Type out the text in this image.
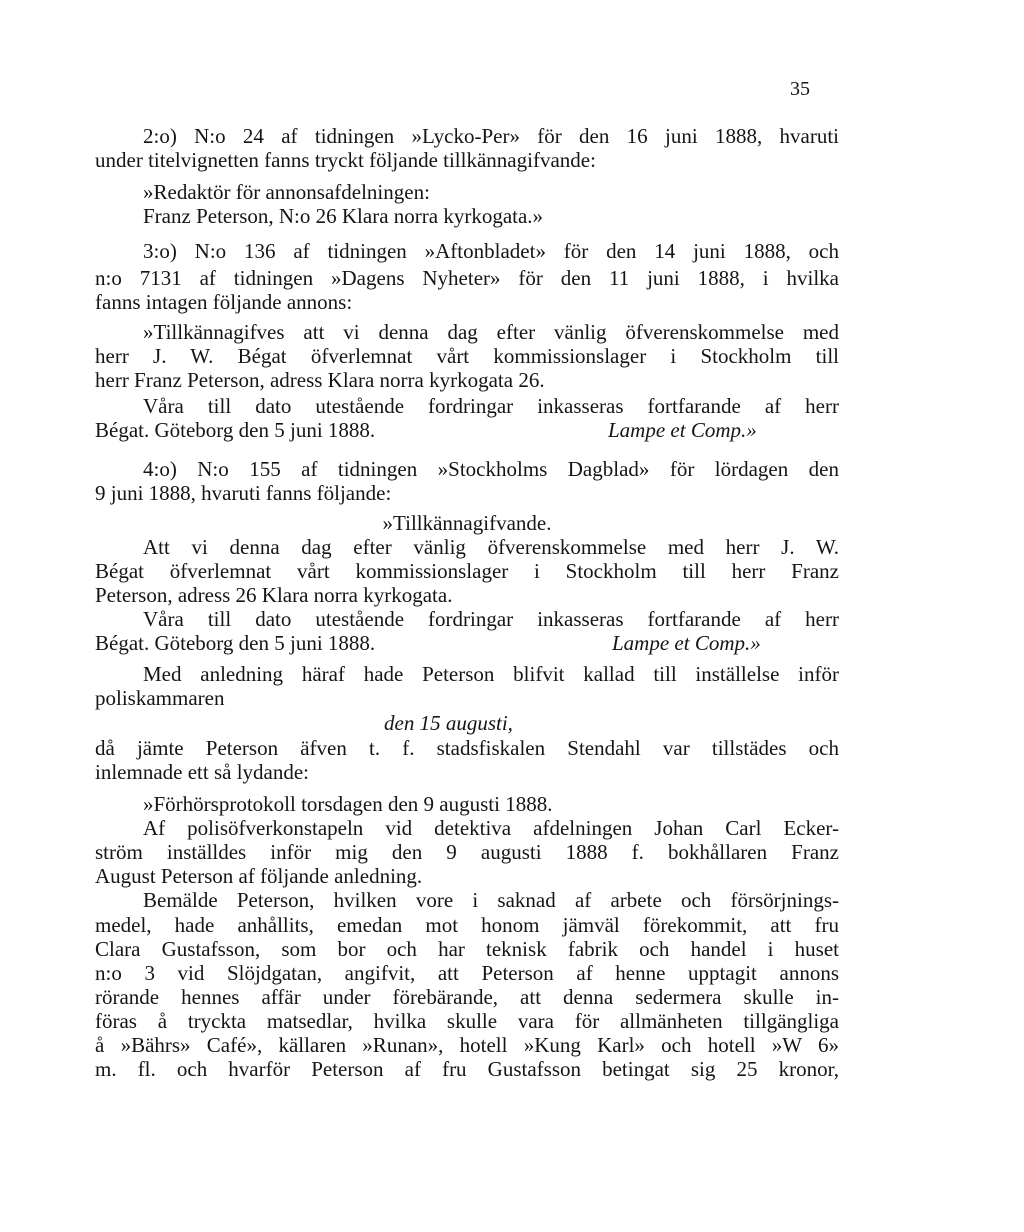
35
2:o) N:o 24 af tidningen »Lycko-Per» för den 16 juni 1888, hvaruti
under titelvignetten fanns tryckt följande tillkännagifvande:
»Redaktör för annonsafdelningen:
Franz Peterson, N:o 26 Klara norra kyrkogata.»
3:o) N:o 136 af tidningen »Aftonbladet» för den 14 juni 1888, och
n:o 7131 af tidningen »Dagens Nyheter» för den 11 juni 1888, i hvilka
fanns intagen följande annons:
»Tillkännagifves att vi denna dag efter vänlig öfverenskommelse med
herr J. W. Bégat öfverlemnat vårt kommissionslager i Stockholm till
herr Franz Peterson, adress Klara norra kyrkogata 26.
Våra till dato utestående fordringar inkasseras fortfarande af herr
Bégat. Göteborg den 5 juni 1888.	Lampe et Comp.»
4:o) N:o 155 af tidningen »Stockholms Dagblad» för lördagen den
9 juni 1888, hvaruti fanns följande:
»Tillkännagifvande.
Att vi denna dag efter vänlig öfverenskommelse med herr J. W.
Bégat öfverlemnat vårt kommissionslager i Stockholm till herr Franz
Peterson, adress 26 Klara norra kyrkogata.
Våra till dato utestående fordringar inkasseras fortfarande af herr
Bégat. Göteborg den 5 juni 1888.	Lampe et Comp.»
Med anledning häraf hade Peterson blifvit kallad till inställelse inför
poliskammaren
den 15 augusti,
då jämte Peterson äfven t. f. stadsfiskalen Stendahl var tillstädes och
inlemnade ett så lydande:
»Förhörsprotokoll torsdagen den 9 augusti 1888.
Af polisöfverkonstapeln vid detektiva afdelningen Johan Carl Ecker-
ström inställdes inför mig den 9 augusti 1888 f. bokhållaren Franz
August Peterson af följande anledning.
Bemälde Peterson, hvilken vore i saknad af arbete och försörjnings-
medel, hade anhållits, emedan mot honom jämväl förekommit, att fru
Clara Gustafsson, som bor och har teknisk fabrik och handel i huset
n:o 3 vid Slöjdgatan, angifvit, att Peterson af henne upptagit annons
rörande hennes affär under förebärande, att denna sedermera skulle in-
föras å tryckta matsedlar, hvilka skulle vara för allmänheten tillgängliga
å »Bährs» Café», källaren »Runan», hotell »Kung Karl» och hotell »W 6»
m. fl. och hvarför Peterson af fru Gustafsson betingat sig 25 kronor,
